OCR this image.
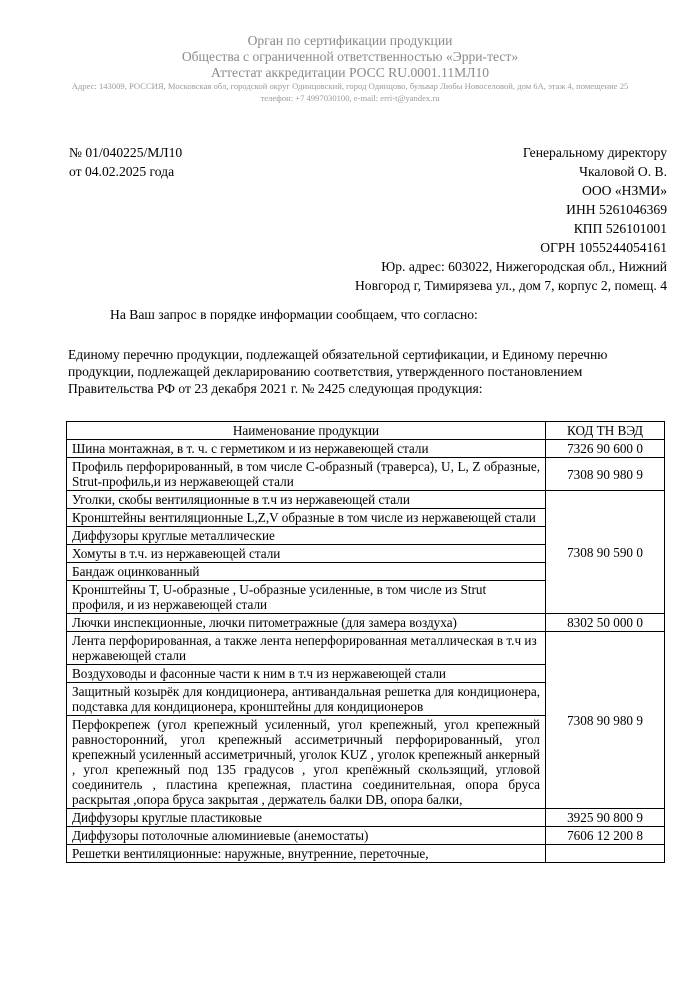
Орган по сертификации продукции
Общества с ограниченной ответственностью «Эрри-тест»
Аттестат аккредитации РОСС RU.0001.11МЛ10
Адрес: 143009, РОССИЯ, Московская обл, городской округ Одинцовский, город Одинцово, бульвар Любы Новоселовой, дом 6А, этаж 4, помещение 25
телефон: +7 4997030100, e-mail: erri-t@yandex.ru
№ 01/040225/МЛ10
от 04.02.2025 года
Генеральному директору
Чкаловой О. В.
ООО «НЗМИ»
ИНН 5261046369
КПП 526101001
ОГРН 1055244054161
Юр. адрес: 603022, Нижегородская обл., Нижний
Новгород г, Тимирязева ул., дом 7, корпус 2, помещ. 4
На Ваш запрос в порядке информации сообщаем, что согласно:
Единому перечню продукции, подлежащей обязательной сертификации, и Единому перечню продукции, подлежащей декларированию соответствия, утвержденного постановлением Правительства РФ от 23 декабря 2021 г. № 2425 следующая продукция:
Наименование продукции	КОД ТН ВЭД
Шина монтажная, в т. ч. с герметиком и из нержавеющей стали	7326 90 600 0
Профиль перфорированный, в том числе С-образный (траверса), U, L, Z образные, Strut-профиль,и из нержавеющей стали	7308 90 980 9
Уголки, скобы вентиляционные в т.ч из нержавеющей стали	7308 90 590 0
Кронштейны вентиляционные L,Z,V образные в том числе из нержавеющей стали	
Диффузоры круглые металлические	
Хомуты в т.ч. из нержавеющей стали	
Бандаж оцинкованный	
Кронштейны T, U-образные , U-образные усиленные, в том числе из Strut профиля, и из нержавеющей стали	
Лючки инспекционные, лючки питометражные (для замера воздуха)	8302 50 000 0
Лента перфорированная, а также лента неперфорированная металлическая в т.ч из нержавеющей стали	7308 90 980 9
Воздуховоды и фасонные части к ним в т.ч из нержавеющей стали	
Защитный козырёк для кондиционера, антивандальная решетка для кондиционера, подставка для кондиционера, кронштейны для кондиционеров	
Перфокрепеж (угол крепежный усиленный, угол крепежный, угол крепежный равносторонний, угол крепежный ассиметричный перфорированный, угол крепежный усиленный ассиметричный, уголок KUZ , уголок крепежный анкерный , угол крепежный под 135 градусов , угол крепёжный скользящий, угловой соединитель , пластина крепежная, пластина соединительная, опора бруса раскрытая ,опора бруса закрытая , держатель балки DB, опора балки,	
Диффузоры круглые пластиковые	3925 90 800 9
Диффузоры потолочные алюминиевые (анемостаты)	7606 12 200 8
Решетки вентиляционные: наружные, внутренние, переточные,	
